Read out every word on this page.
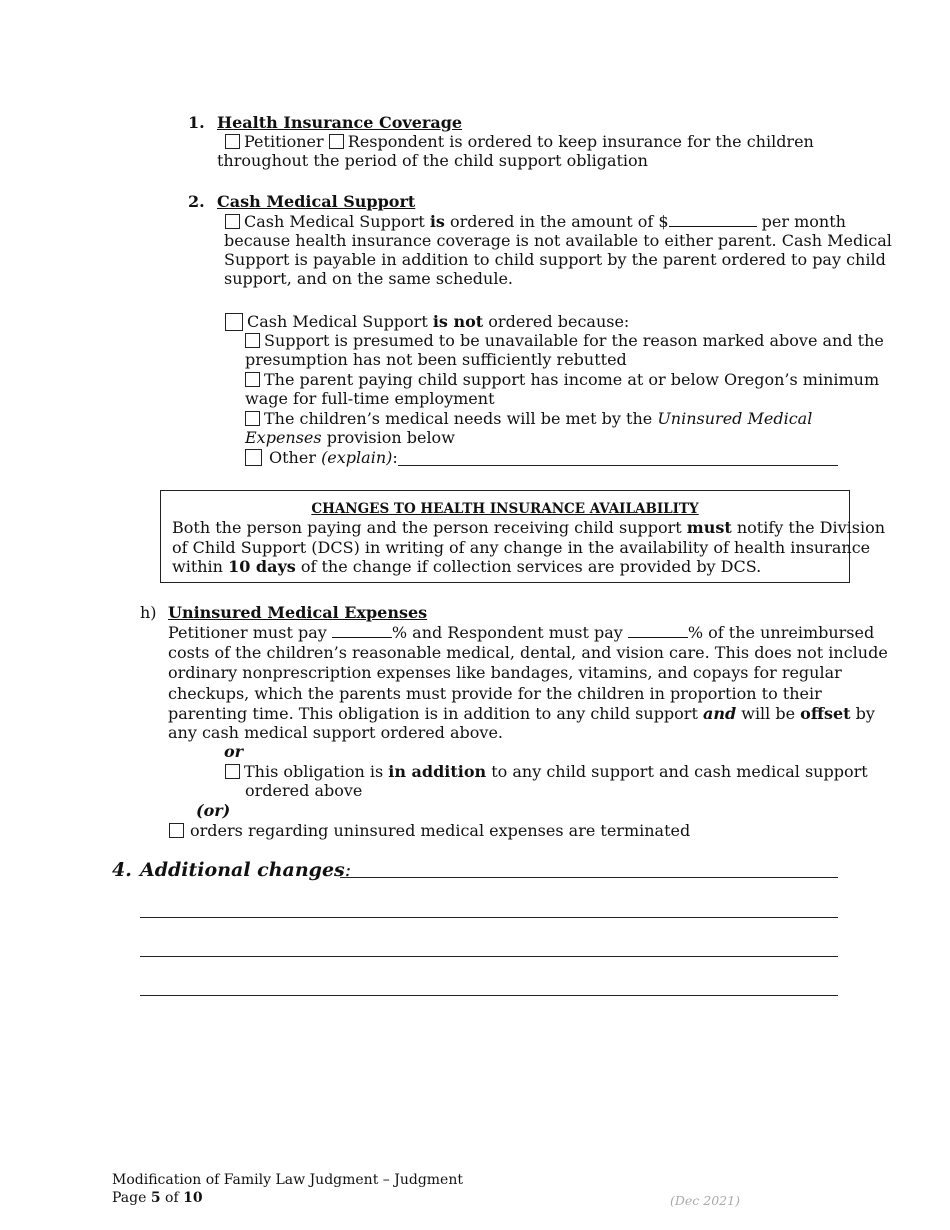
1. Health Insurance Coverage
Petitioner Respondent is ordered to keep insurance for the children
throughout the period of the child support obligation
2. Cash Medical Support
Cash Medical Support is ordered in the amount of $	per month
because health insurance coverage is not available to either parent. Cash Medical
Support is payable in addition to child support by the parent ordered to pay child
support, and on the same schedule.
Cash Medical Support is not ordered because:
Support is presumed to be unavailable for the reason marked above and the
presumption has not been sufficiently rebutted
The parent paying child support has income at or below Oregon’s minimum
wage for full-time employment
The children’s medical needs will be met by the Uninsured Medical
Expenses provision below
Other (explain):
CHANGES TO HEALTH INSURANCE AVAILABILITY
Both the person paying and the person receiving child support must notify the Division
of Child Support (DCS) in writing of any change in the availability of health insurance
within 10 days of the change if collection services are provided by DCS.
h) Uninsured Medical Expenses
Petitioner must pay	% and Respondent must pay	% of the unreimbursed
costs of the children’s reasonable medical, dental, and vision care. This does not include
ordinary nonprescription expenses like bandages, vitamins, and copays for regular
checkups, which the parents must provide for the children in proportion to their
parenting time. This obligation is in addition to any child support and will be offset by
any cash medical support ordered above.
or
This obligation is in addition to any child support and cash medical support
ordered above
(or)
orders regarding uninsured medical expenses are terminated
4. Additional changes:
Modification of Family Law Judgment – Judgment
Page 5 of 10	(Dec 2021)
